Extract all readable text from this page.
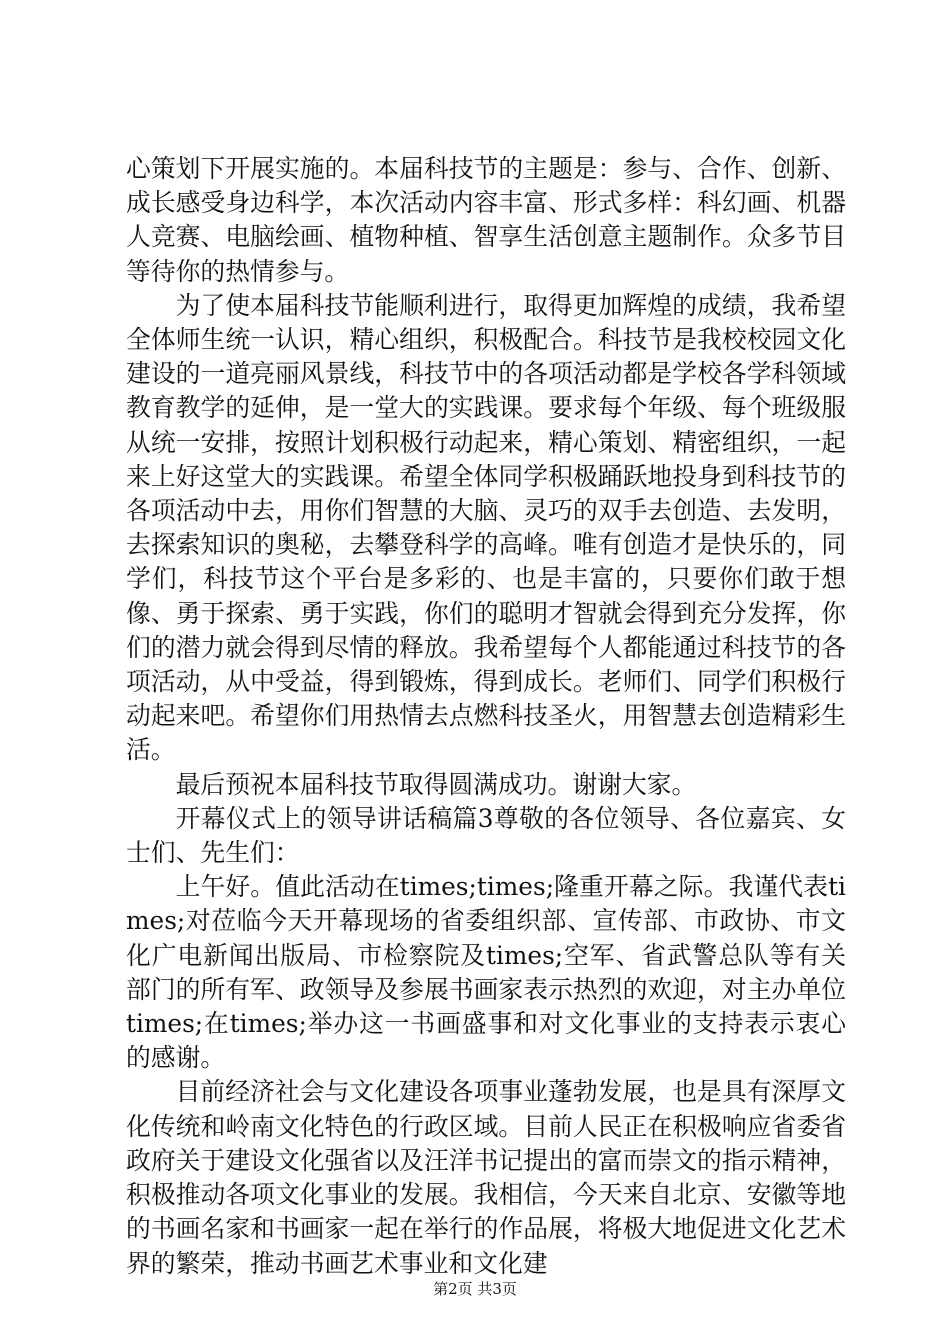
心策划下开展实施的。本届科技节的主题是：参与、合作、创新、成长感受身边科学，本次活动内容丰富、形式多样：科幻画、机器人竞赛、电脑绘画、植物种植、智享生活创意主题制作。众多节目等待你的热情参与。

为了使本届科技节能顺利进行，取得更加辉煌的成绩，我希望全体师生统一认识，精心组织，积极配合。科技节是我校校园文化建设的一道亮丽风景线，科技节中的各项活动都是学校各学科领域教育教学的延伸，是一堂大的实践课。要求每个年级、每个班级服从统一安排，按照计划积极行动起来，精心策划、精密组织，一起来上好这堂大的实践课。希望全体同学积极踊跃地投身到科技节的各项活动中去，用你们智慧的大脑、灵巧的双手去创造、去发明，去探索知识的奥秘，去攀登科学的高峰。唯有创造才是快乐的，同学们，科技节这个平台是多彩的、也是丰富的，只要你们敢于想像、勇于探索、勇于实践，你们的聪明才智就会得到充分发挥，你们的潜力就会得到尽情的释放。我希望每个人都能通过科技节的各项活动，从中受益，得到锻炼，得到成长。老师们、同学们积极行动起来吧。希望你们用热情去点燃科技圣火，用智慧去创造精彩生活。

最后预祝本届科技节取得圆满成功。谢谢大家。

开幕仪式上的领导讲话稿篇3尊敬的各位领导、各位嘉宾、女士们、先生们：

上午好。值此活动在times;times;隆重开幕之际。我谨代表times;对莅临今天开幕现场的省委组织部、宣传部、市政协、市文化广电新闻出版局、市检察院及times;空军、省武警总队等有关部门的所有军、政领导及参展书画家表示热烈的欢迎，对主办单位times;在times;举办这一书画盛事和对文化事业的支持表示衷心的感谢。

目前经济社会与文化建设各项事业蓬勃发展，也是具有深厚文化传统和岭南文化特色的行政区域。目前人民正在积极响应省委省政府关于建设文化强省以及汪洋书记提出的富而崇文的指示精神，积极推动各项文化事业的发展。我相信，今天来自北京、安徽等地的书画名家和书画家一起在举行的作品展，将极大地促进文化艺术界的繁荣，推动书画艺术事业和文化建

第2页 共3页
